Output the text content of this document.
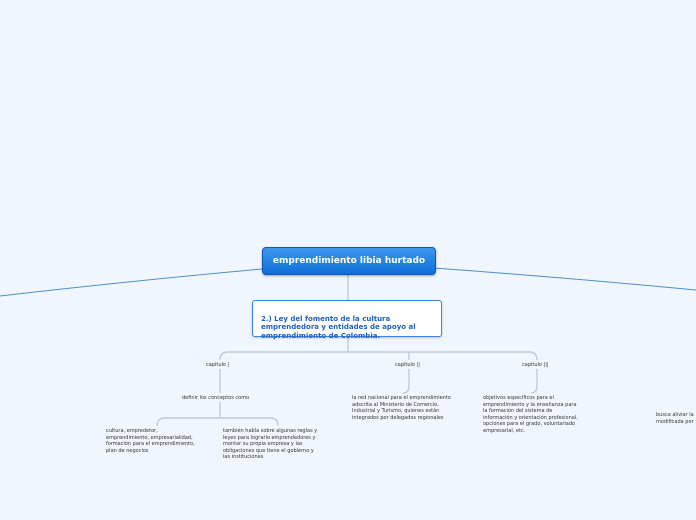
emprendimiento libia hurtado

2.) Ley del fomento de la cultura
emprendedora y entidades de apoyo al
emprendimiento de Colombia.

capitulo |	capitulo ||	capitulo |||
definir los conceptos como
cultura, empredetor,
emprendimiento, empresarialidad,
formación para el emprendimiento,
plan de negocios
también habla sobre algunas reglas y
leyes para lograrlo emprendedores y
montar su propia empresa y las
obligaciones que tiene el gobierno y
las instituciones
la red nacional para el emprendimiento
adscrita al Ministerio de Comercio,
Industrial y Turismo, quienes están
integrados por delegados regionales
objetivos especificos para el
emprendimiento y la enseñanza para
la formación del sistema de
información y orientación profesional,
opciones para el grado, voluntariado
empresarial, etc.
busca aliviar la
modificada por
